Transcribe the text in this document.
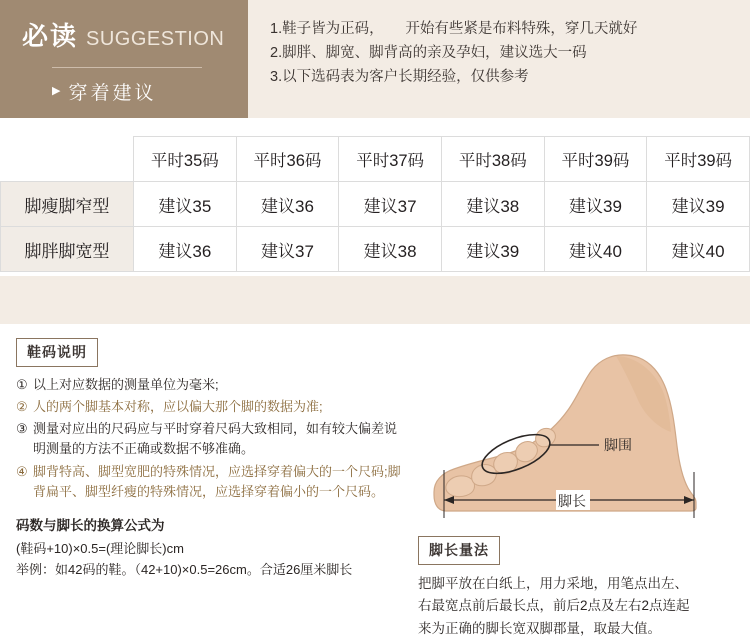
必读 SUGGESTION
▶ 穿着建议
1.鞋子皆为正码，　　开始有些紧是布料特殊，穿几天就好
2.脚胖、脚宽、脚背高的亲及孕妇，建议选大一码
3.以下选码表为客户长期经验，仅供参考
	平时35码	平时36码	平时37码	平时38码	平时39码	平时39码
脚瘦脚窄型	建议35	建议36	建议37	建议38	建议39	建议39
脚胖脚宽型	建议36	建议37	建议38	建议39	建议40	建议40
鞋码说明
① 以上对应数据的测量单位为毫米;
② 人的两个脚基本对称，应以偏大那个脚的数据为准;
③ 测量对应出的尺码应与平时穿着尺码大致相同，如有较大偏差说明测量的方法不正确或数据不够准确。
④ 脚背特高、脚型宽肥的特殊情况，应选择穿着偏大的一个尺码;脚背扁平、脚型纤瘦的特殊情况，应选择穿着偏小的一个尺码。
码数与脚长的换算公式为
(鞋码+10)×0.5=(理论脚长)cm
举例：如42码的鞋。（42+10)×0.5=26cm。合适26厘米脚长
脚围
脚长
脚长量法
把脚平放在白纸上，用力采地，用笔点出左、
右最宽点前后最长点，前后2点及左右2点连起
来为正确的脚长宽双脚郡量，取最大值。
